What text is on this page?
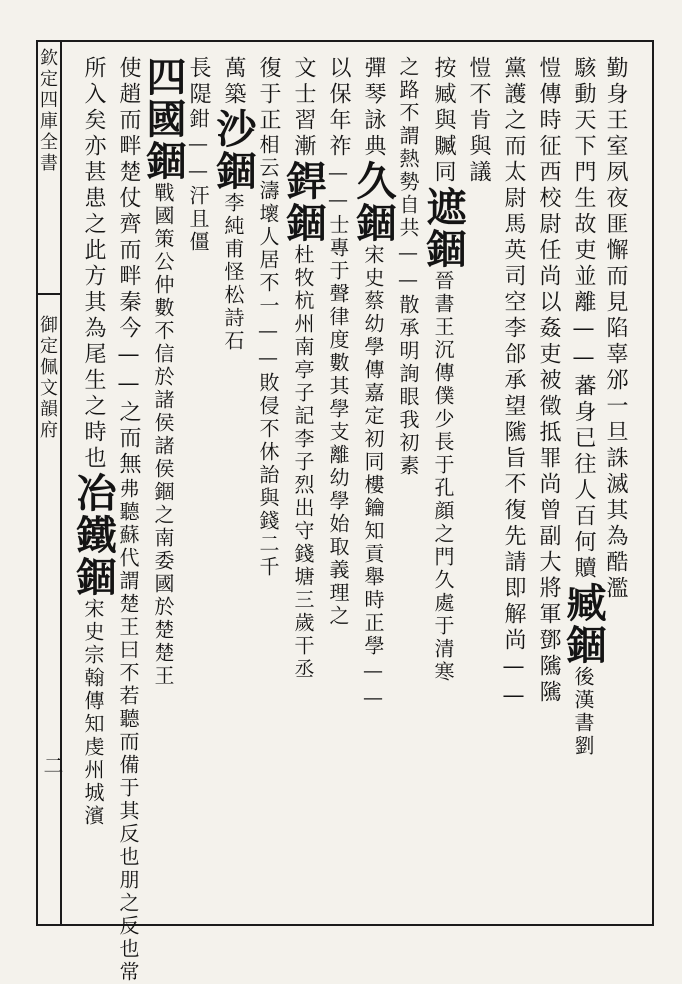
欽定四庫全書
御定佩文韻府
二
勤身王室夙夜匪懈而見陷辜邠一旦誅滅其為酷濫
駭動天下門生故吏並離——蕃身已往人百何贖臧錮後漢書劉
愷傳時征西校尉任尚以姦吏被徵抵罪尚曾副大將軍鄧隲隲
黨護之而太尉馬英司空李郃承望隲旨不復先請即解尚——
愷不肯與議
按臧與贓同遮錮晉書王沉傳僕少長于孔顔之門久處于清寒
之路不謂熱勢自共——散承明詢眼我初素
彈琴詠典久錮宋史蔡幼學傳嘉定初同樓鑰知貢舉時正學——
以保年祚——士專于聲律度數其學支離幼學始取義理之
文士習漸銲錮杜牧杭州南亭子記李子烈出守錢塘三歲干丞
復于正相云濤壞人居不一——敗侵不休詒與錢二千
萬築沙錮李純甫怪松詩石
長隄鉗——汗且僵
四國錮戰國策公仲數不信於諸侯諸侯錮之南委國於楚楚王
使趙而畔楚仗齊而畔秦今——之而無弗聽蘇代謂楚王曰不若聽而備于其反也朋之反也常
所入矣亦甚患之此方其為尾生之時也冶鐵錮宋史宗翰傳知虔州城濱
